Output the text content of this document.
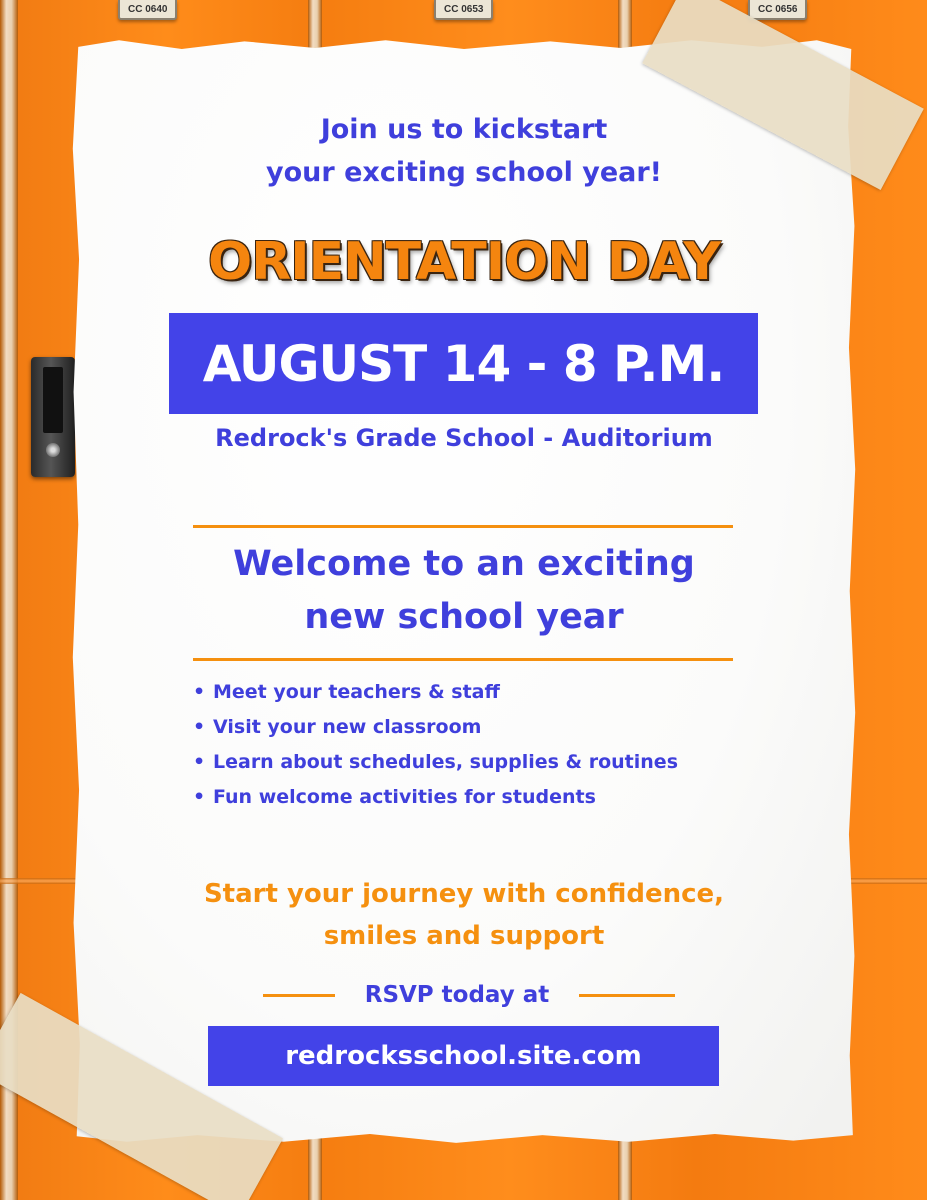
CC 0640	CC 0653	CC 0656
Join us to kickstart
your exciting school year!
ORIENTATION DAY
AUGUST 14 - 8 P.M.
Redrock's Grade School - Auditorium
Welcome to an exciting
new school year
• Meet your teachers & staff
• Visit your new classroom
• Learn about schedules, supplies & routines
• Fun welcome activities for students
Start your journey with confidence,
smiles and support
RSVP today at
redrocksschool.site.com
